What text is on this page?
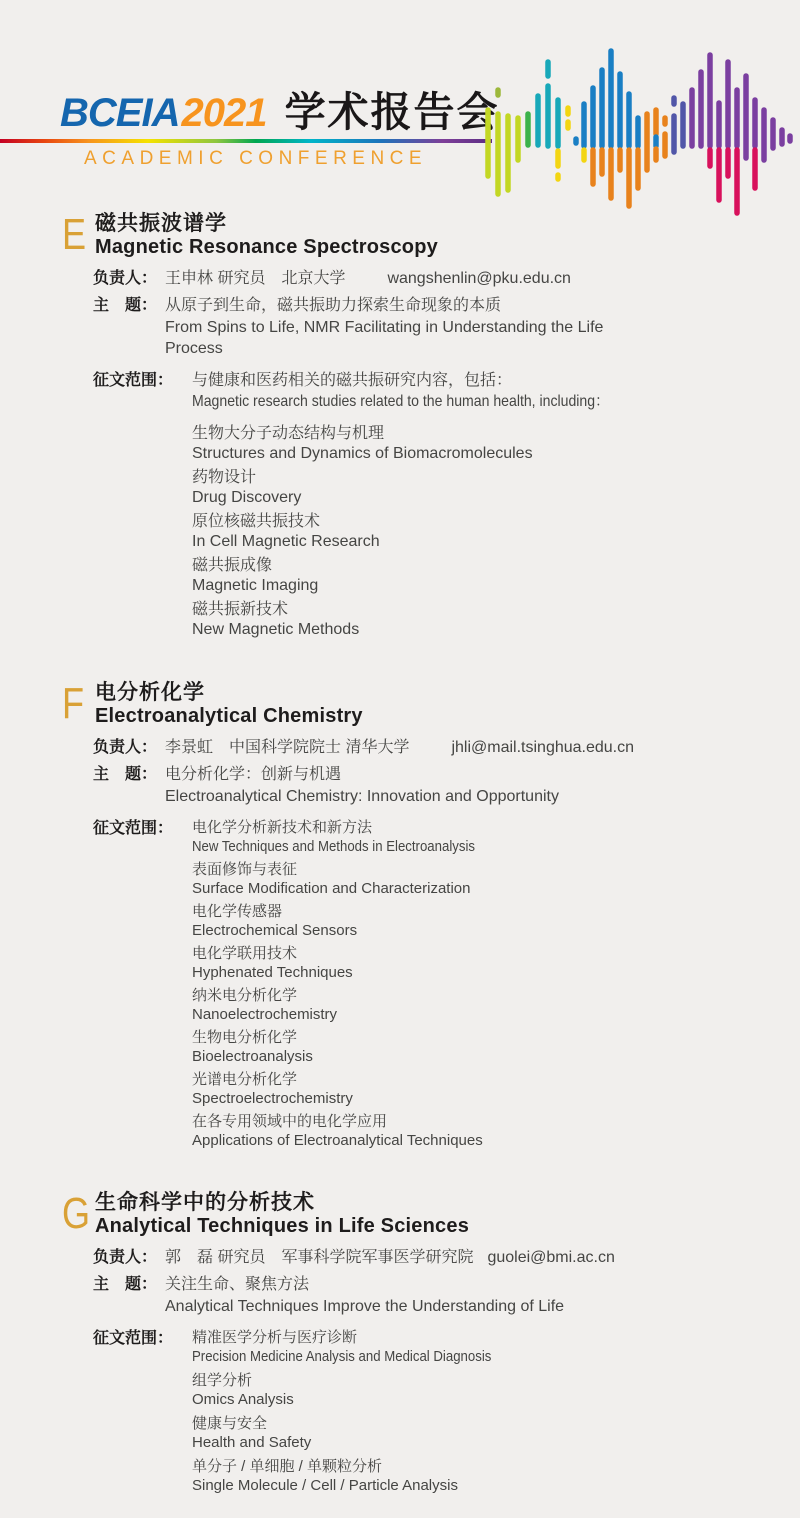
BCEIA2021 学术报告会
ACADEMIC CONFERENCE
E 磁共振波谱学
Magnetic Resonance Spectroscopy
负责人： 王申林 研究员　北京大学	wangshenlin@pku.edu.cn
主　题： 从原子到生命，磁共振助力探索生命现象的本质
From Spins to Life, NMR Facilitating in Understanding the Life Process
征文范围：	与健康和医药相关的磁共振研究内容，包括：
Magnetic research studies related to the human health, including：
生物大分子动态结构与机理
Structures and Dynamics of Biomacromolecules
药物设计
Drug Discovery
原位核磁共振技术
In Cell Magnetic Research
磁共振成像
Magnetic Imaging
磁共振新技术
New Magnetic Methods
F 电分析化学
Electroanalytical Chemistry
负责人： 李景虹　中国科学院院士 清华大学	jhli@mail.tsinghua.edu.cn
主　题： 电分析化学：创新与机遇
Electroanalytical Chemistry: Innovation and Opportunity
征文范围：	电化学分析新技术和新方法
New Techniques and Methods in Electroanalysis
表面修饰与表征
Surface Modification and Characterization
电化学传感器
Electrochemical Sensors
电化学联用技术
Hyphenated Techniques
纳米电分析化学
Nanoelectrochemistry
生物电分析化学
Bioelectroanalysis
光谱电分析化学
Spectroelectrochemistry
在各专用领域中的电化学应用
Applications of Electroanalytical Techniques
G 生命科学中的分析技术
Analytical Techniques in Life Sciences
负责人： 郭　磊 研究员　军事科学院军事医学研究院 guolei@bmi.ac.cn
主　题： 关注生命、聚焦方法
Analytical Techniques Improve the Understanding of Life
征文范围：	精准医学分析与医疗诊断
Precision Medicine Analysis and Medical Diagnosis
组学分析
Omics Analysis
健康与安全
Health and Safety
单分子 / 单细胞 / 单颗粒分析
Single Molecule / Cell / Particle Analysis
